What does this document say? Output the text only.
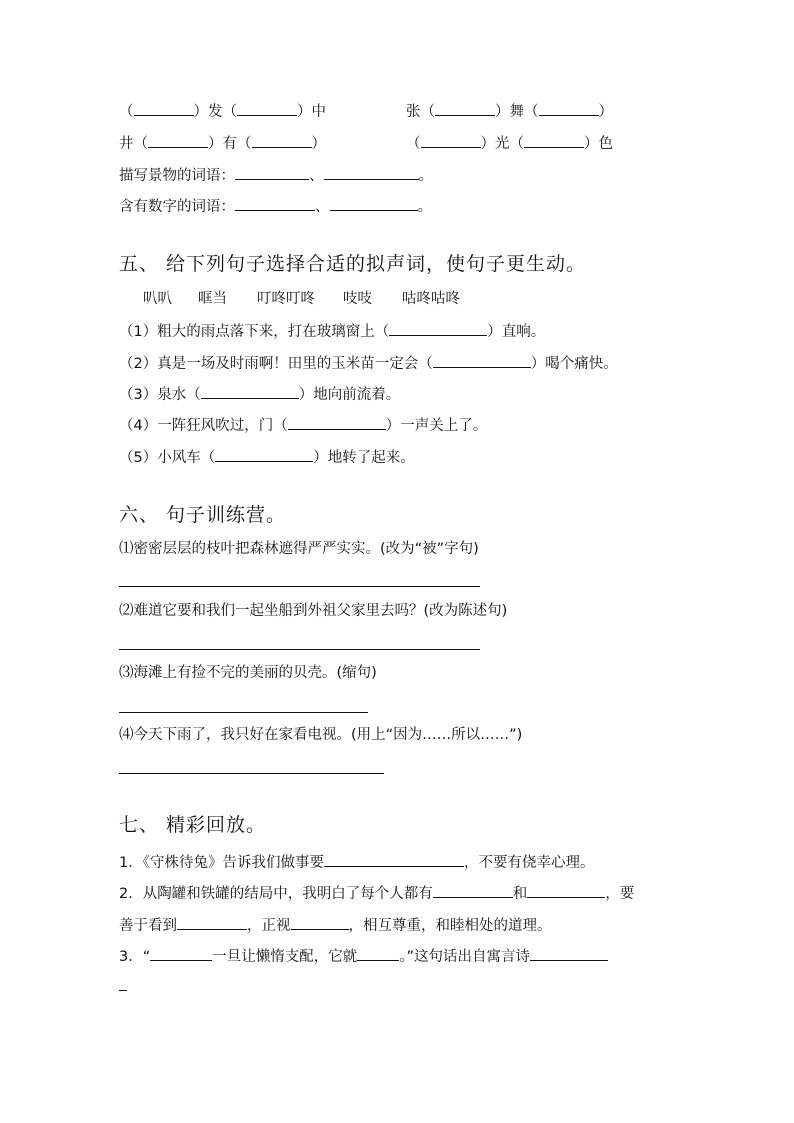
（	）发（	）中	张（	）舞（	）
井（	）有（	）	（	）光（	）色
描写景物的词语：	、	。
含有数字的词语：	、	。
五、 给下列句子选择合适的拟声词，使句子更生动。
叭叭 哐当 叮咚叮咚 吱吱 咕咚咕咚
（1）粗大的雨点落下来，打在玻璃窗上（	）直响。
（2）真是一场及时雨啊！田里的玉米苗一定会（	）喝个痛快。
（3）泉水（	）地向前流着。
（4）一阵狂风吹过，门（	）一声关上了。
（5）小风车（	）地转了起来。
六、 句子训练营。
⑴密密层层的枝叶把森林遮得严严实实。(改为“被”字句)
⑵难道它要和我们一起坐船到外祖父家里去吗？(改为陈述句)
⑶海滩上有捡不完的美丽的贝壳。(缩句)
⑷今天下雨了，我只好在家看电视。(用上“因为……所以……”)
七、 精彩回放。
1．《守株待兔》告诉我们做事要	，不要有侥幸心理。
2．从陶罐和铁罐的结局中，我明白了每个人都有	和	，要
善于看到	，正视	，相互尊重，和睦相处的道理。
3．“	一旦让懒惰支配，它就	。”这句话出自寓言诗
